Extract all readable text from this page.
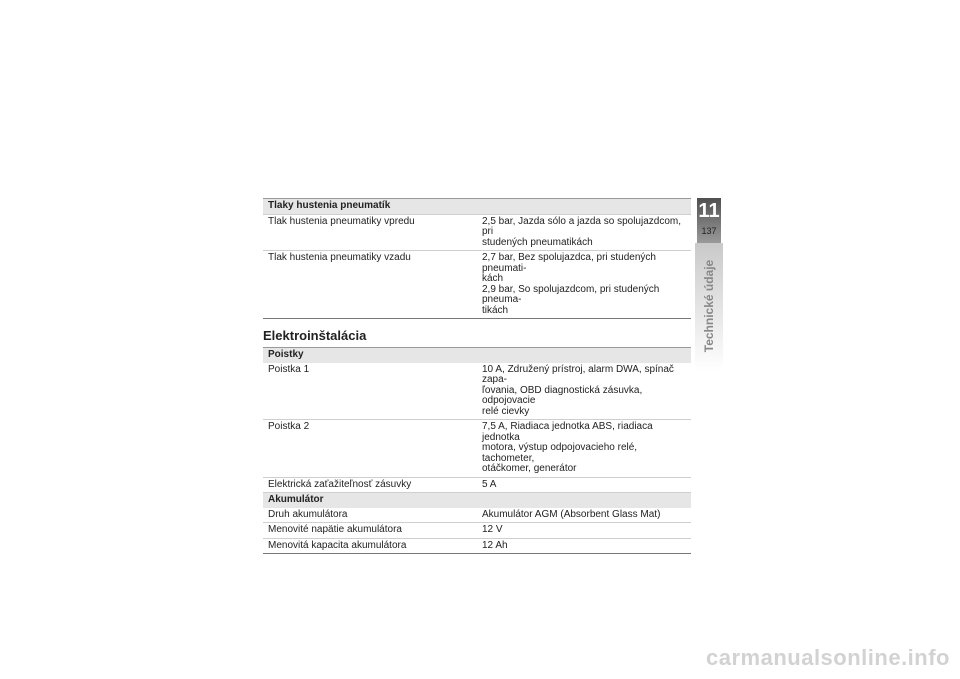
Tlaky hustenia pneumatík	
Tlak hustenia pneumatiky vpredu	2,5 bar, Jazda sólo a jazda so spolujazdcom, pri
studených pneumatikách

Tlak hustenia pneumatiky vzadu	2,7 bar, Bez spolujazdca, pri studených pneumati-
kách
2,9 bar, So spolujazdcom, pri studených pneuma-
tikách
Elektroinštalácia
Poistky	
Poistka 1	10 A, Združený prístroj, alarm DWA, spínač zapa-
ľovania, OBD diagnostická zásuvka, odpojovacie
relé cievky

Poistka 2	7,5 A, Riadiaca jednotka ABS, riadiaca jednotka
motora, výstup odpojovacieho relé, tachometer,
otáčkomer, generátor

Elektrická zaťažiteľnosť zásuvky	5 A
Akumulátor	
Druh akumulátora	Akumulátor AGM (Absorbent Glass Mat)
Menovité napätie akumulátora	12 V
Menovitá kapacita akumulátora	12 Ah
11
137
Technické údaje
carmanualsonline.info
